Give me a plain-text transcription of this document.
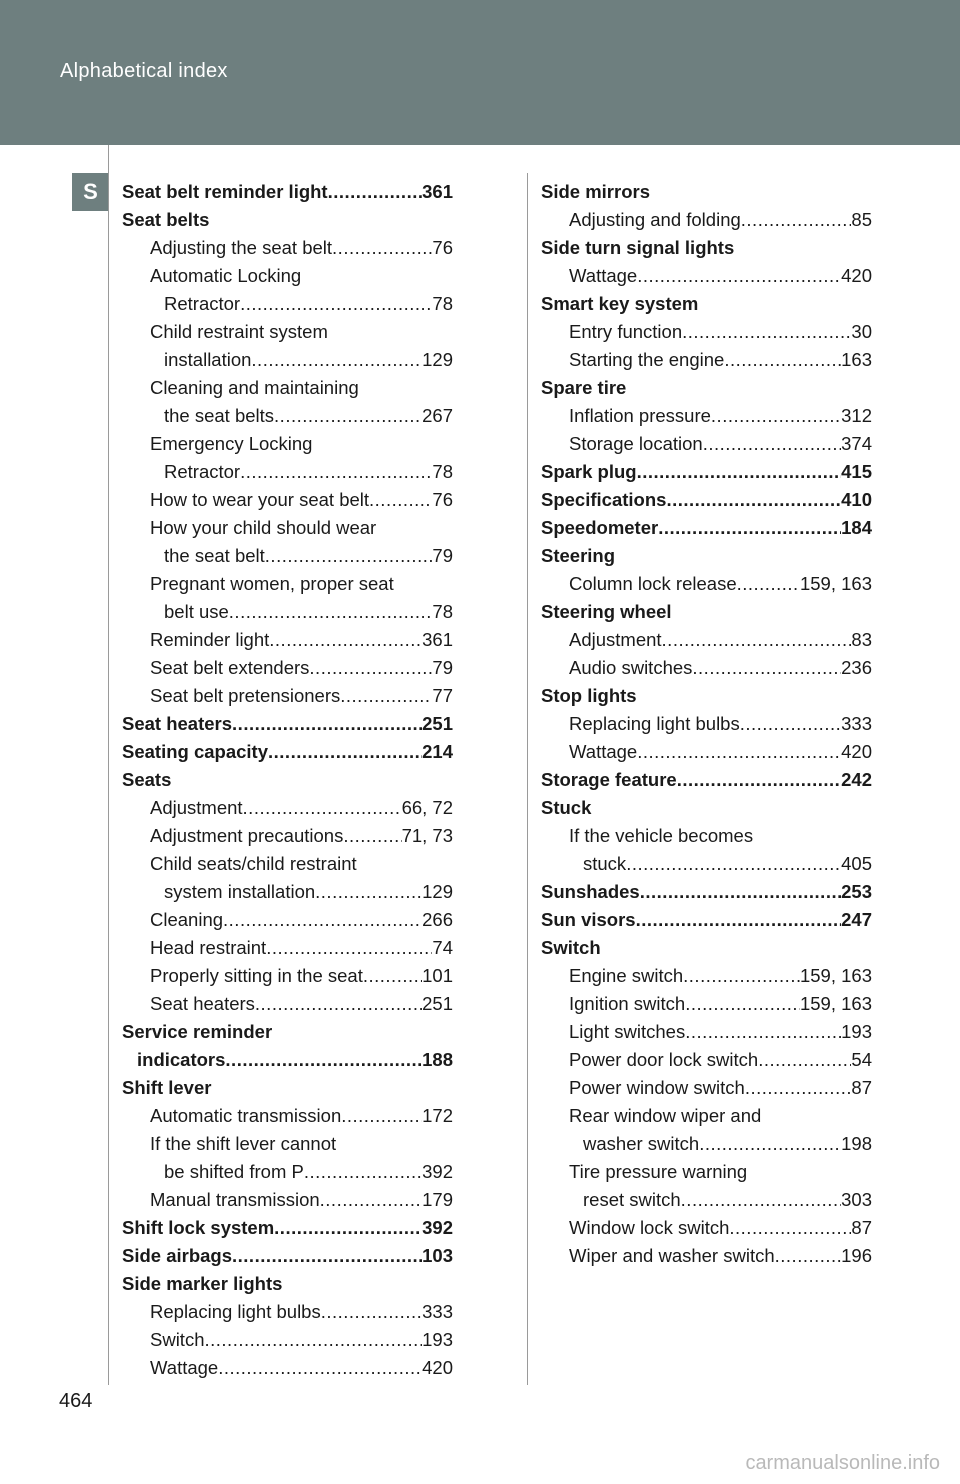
Alphabetical index
S	Seat belt reminder light .....	361
Seat belts
Adjusting the seat belt .....	76
Automatic Locking
Retractor .....	78
Child restraint system
installation .....	129
Cleaning and maintaining
the seat belts .....	267
Emergency Locking
Retractor .....	78
How to wear your seat belt .....	76
How your child should wear
the seat belt .....	79
Pregnant women, proper seat
belt use .....	78
Reminder light .....	361
Seat belt extenders .....	79
Seat belt pretensioners .....	77
Seat heaters .....	251
Seating capacity .....	214
Seats
Adjustment .....	66, 72
Adjustment precautions .....	71, 73
Child seats/child restraint
system installation .....	129
Cleaning .....	266
Head restraint .....	74
Properly sitting in the seat .....	101
Seat heaters .....	251
Service reminder
indicators .....	188
Shift lever
Automatic transmission .....	172
If the shift lever cannot
be shifted from P .....	392
Manual transmission .....	179
Shift lock system .....	392
Side airbags .....	103
Side marker lights
Replacing light bulbs .....	333
Switch .....	193
Wattage .....	420
Side mirrors
Adjusting and folding .....	85
Side turn signal lights
Wattage .....	420
Smart key system
Entry function .....	30
Starting the engine .....	163
Spare tire
Inflation pressure .....	312
Storage location .....	374
Spark plug .....	415
Specifications .....	410
Speedometer .....	184
Steering
Column lock release .....	159, 163
Steering wheel
Adjustment .....	83
Audio switches .....	236
Stop lights
Replacing light bulbs .....	333
Wattage .....	420
Storage feature .....	242
Stuck
If the vehicle becomes
stuck .....	405
Sunshades .....	253
Sun visors .....	247
Switch
Engine switch .....	159, 163
Ignition switch .....	159, 163
Light switches .....	193
Power door lock switch .....	54
Power window switch .....	87
Rear window wiper and
washer switch .....	198
Tire pressure warning
reset switch .....	303
Window lock switch .....	87
Wiper and washer switch .....	196
464
carmanualsonline.info
